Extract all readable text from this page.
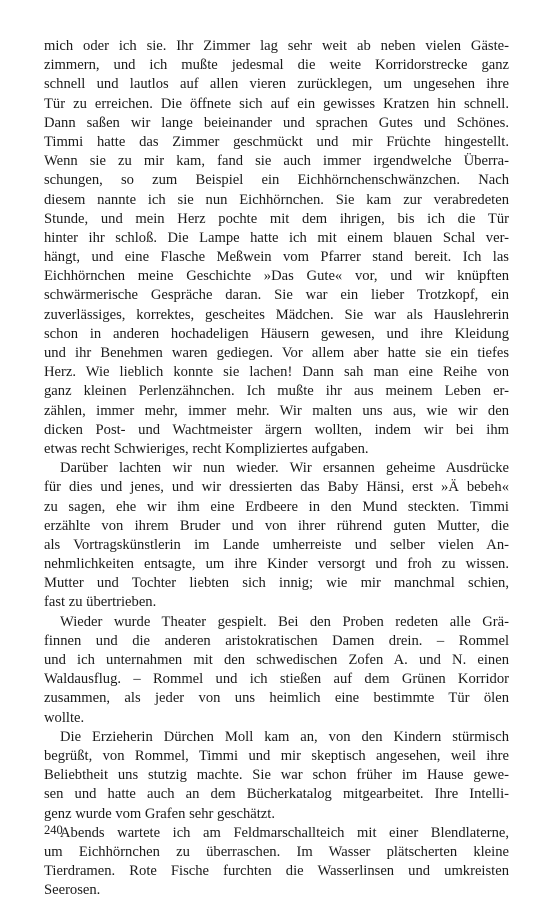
mich oder ich sie. Ihr Zimmer lag sehr weit ab neben vielen Gäste-
zimmern, und ich mußte jedesmal die weite Korridorstrecke ganz
schnell und lautlos auf allen vieren zurücklegen, um ungesehen ihre
Tür zu erreichen. Die öffnete sich auf ein gewisses Kratzen hin schnell.
Dann saßen wir lange beieinander und sprachen Gutes und Schönes.
Timmi hatte das Zimmer geschmückt und mir Früchte hingestellt.
Wenn sie zu mir kam, fand sie auch immer irgendwelche Überra-
schungen, so zum Beispiel ein Eichhörnchenschwänzchen. Nach
diesem nannte ich sie nun Eichhörnchen. Sie kam zur verabredeten
Stunde, und mein Herz pochte mit dem ihrigen, bis ich die Tür
hinter ihr schloß. Die Lampe hatte ich mit einem blauen Schal ver-
hängt, und eine Flasche Meßwein vom Pfarrer stand bereit. Ich las
Eichhörnchen meine Geschichte »Das Gute« vor, und wir knüpften
schwärmerische Gespräche daran. Sie war ein lieber Trotzkopf, ein
zuverlässiges, korrektes, gescheites Mädchen. Sie war als Hauslehrerin
schon in anderen hochadeligen Häusern gewesen, und ihre Kleidung
und ihr Benehmen waren gediegen. Vor allem aber hatte sie ein tiefes
Herz. Wie lieblich konnte sie lachen! Dann sah man eine Reihe von
ganz kleinen Perlenzähnchen. Ich mußte ihr aus meinem Leben er-
zählen, immer mehr, immer mehr. Wir malten uns aus, wie wir den
dicken Post- und Wachtmeister ärgern wollten, indem wir bei ihm
etwas recht Schwieriges, recht Kompliziertes aufgaben.
Darüber lachten wir nun wieder. Wir ersannen geheime Ausdrücke
für dies und jenes, und wir dressierten das Baby Hänsi, erst »Ä bebeh«
zu sagen, ehe wir ihm eine Erdbeere in den Mund steckten. Timmi
erzählte von ihrem Bruder und von ihrer rührend guten Mutter, die
als Vortragskünstlerin im Lande umherreiste und selber vielen An-
nehmlichkeiten entsagte, um ihre Kinder versorgt und froh zu wissen.
Mutter und Tochter liebten sich innig; wie mir manchmal schien,
fast zu übertrieben.
Wieder wurde Theater gespielt. Bei den Proben redeten alle Grä-
finnen und die anderen aristokratischen Damen drein. – Rommel
und ich unternahmen mit den schwedischen Zofen A. und N. einen
Waldausflug. – Rommel und ich stießen auf dem Grünen Korridor
zusammen, als jeder von uns heimlich eine bestimmte Tür ölen
wollte.
Die Erzieherin Dürchen Moll kam an, von den Kindern stürmisch
begrüßt, von Rommel, Timmi und mir skeptisch angesehen, weil ihre
Beliebtheit uns stutzig machte. Sie war schon früher im Hause gewe-
sen und hatte auch an dem Bücherkatalog mitgearbeitet. Ihre Intelli-
genz wurde vom Grafen sehr geschätzt.
Abends wartete ich am Feldmarschallteich mit einer Blendlaterne,
um Eichhörnchen zu überraschen. Im Wasser plätscherten kleine
Tierdramen. Rote Fische furchten die Wasserlinsen und umkreisten
Seerosen.
240
